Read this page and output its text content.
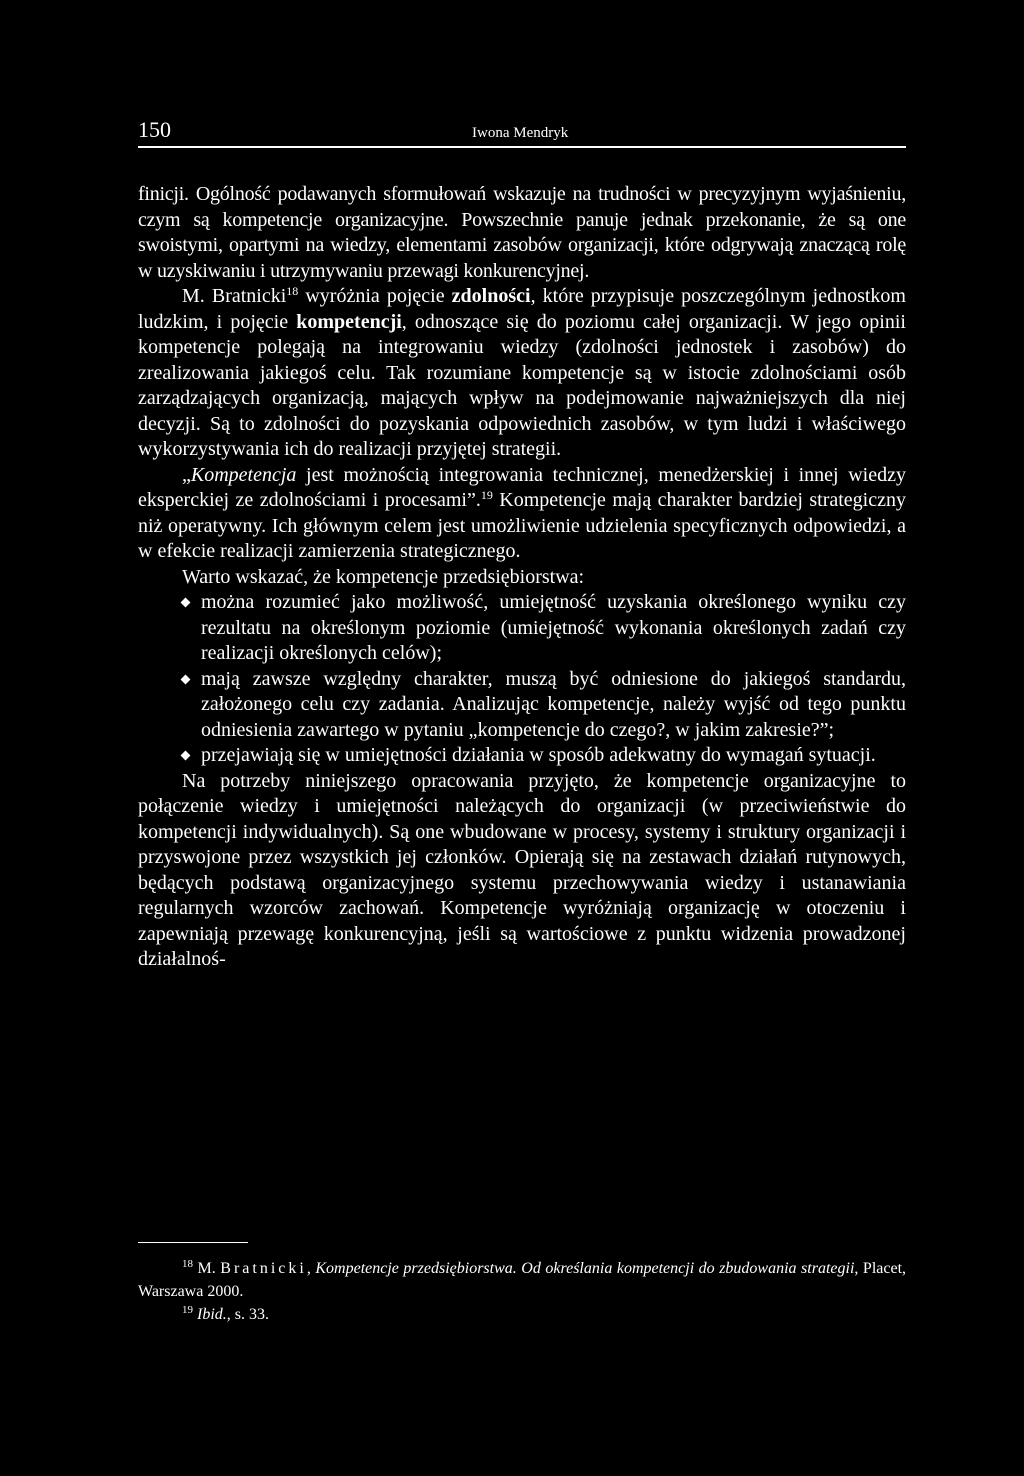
150	Iwona Mendryk

finicji. Ogólność podawanych sformułowań wskazuje na trudności w precyzyjnym wyjaśnieniu, czym są kompetencje organizacyjne. Powszechnie panuje jednak przekonanie, że są one swoistymi, opartymi na wiedzy, elementami zasobów organizacji, które odgrywają znaczącą rolę w uzyskiwaniu i utrzymywaniu przewagi konkurencyjnej.

M. Bratnicki$^{18}$ wyróżnia pojęcie zdolności, które przypisuje poszczególnym jednostkom ludzkim, i pojęcie kompetencji, odnoszące się do poziomu całej organizacji. W jego opinii kompetencje polegają na integrowaniu wiedzy (zdolności jednostek i zasobów) do zrealizowania jakiegoś celu. Tak rozumiane kompetencje są w istocie zdolnościami osób zarządzających organizacją, mających wpływ na podejmowanie najważniejszych dla niej decyzji. Są to zdolności do pozyskania odpowiednich zasobów, w tym ludzi i właściwego wykorzystywania ich do realizacji przyjętej strategii.

„Kompetencja jest możnością integrowania technicznej, menedżerskiej i innej wiedzy eksperckiej ze zdolnościami i procesami”.$^{19}$ Kompetencje mają charakter bardziej strategiczny niż operatywny. Ich głównym celem jest umożliwienie udzielenia specyficznych odpowiedzi, a w efekcie realizacji zamierzenia strategicznego.

Warto wskazać, że kompetencje przedsiębiorstwa:

można rozumieć jako możliwość, umiejętność uzyskania określonego wyniku czy rezultatu na określonym poziomie (umiejętność wykonania określonych zadań czy realizacji określonych celów);
mają zawsze względny charakter, muszą być odniesione do jakiegoś standardu, założonego celu czy zadania. Analizując kompetencje, należy wyjść od tego punktu odniesienia zawartego w pytaniu „kompetencje do czego?, w jakim zakresie?”;
przejawiają się w umiejętności działania w sposób adekwatny do wymagań sytuacji.

Na potrzeby niniejszego opracowania przyjęto, że kompetencje organizacyjne to połączenie wiedzy i umiejętności należących do organizacji (w przeciwieństwie do kompetencji indywidualnych). Są one wbudowane w procesy, systemy i struktury organizacji i przyswojone przez wszystkich jej członków. Opierają się na zestawach działań rutynowych, będących podstawą organizacyjnego systemu przechowywania wiedzy i ustanawiania regularnych wzorców zachowań. Kompetencje wyróżniają organizację w otoczeniu i zapewniają przewagę konkurencyjną, jeśli są wartościowe z punktu widzenia prowadzonej działalnoś-

$^{18}$ M. Bratnicki, Kompetencje przedsiębiorstwa. Od określania kompetencji do zbudowania strategii, Placet, Warszawa 2000.

$^{19}$ Ibid., s. 33.
